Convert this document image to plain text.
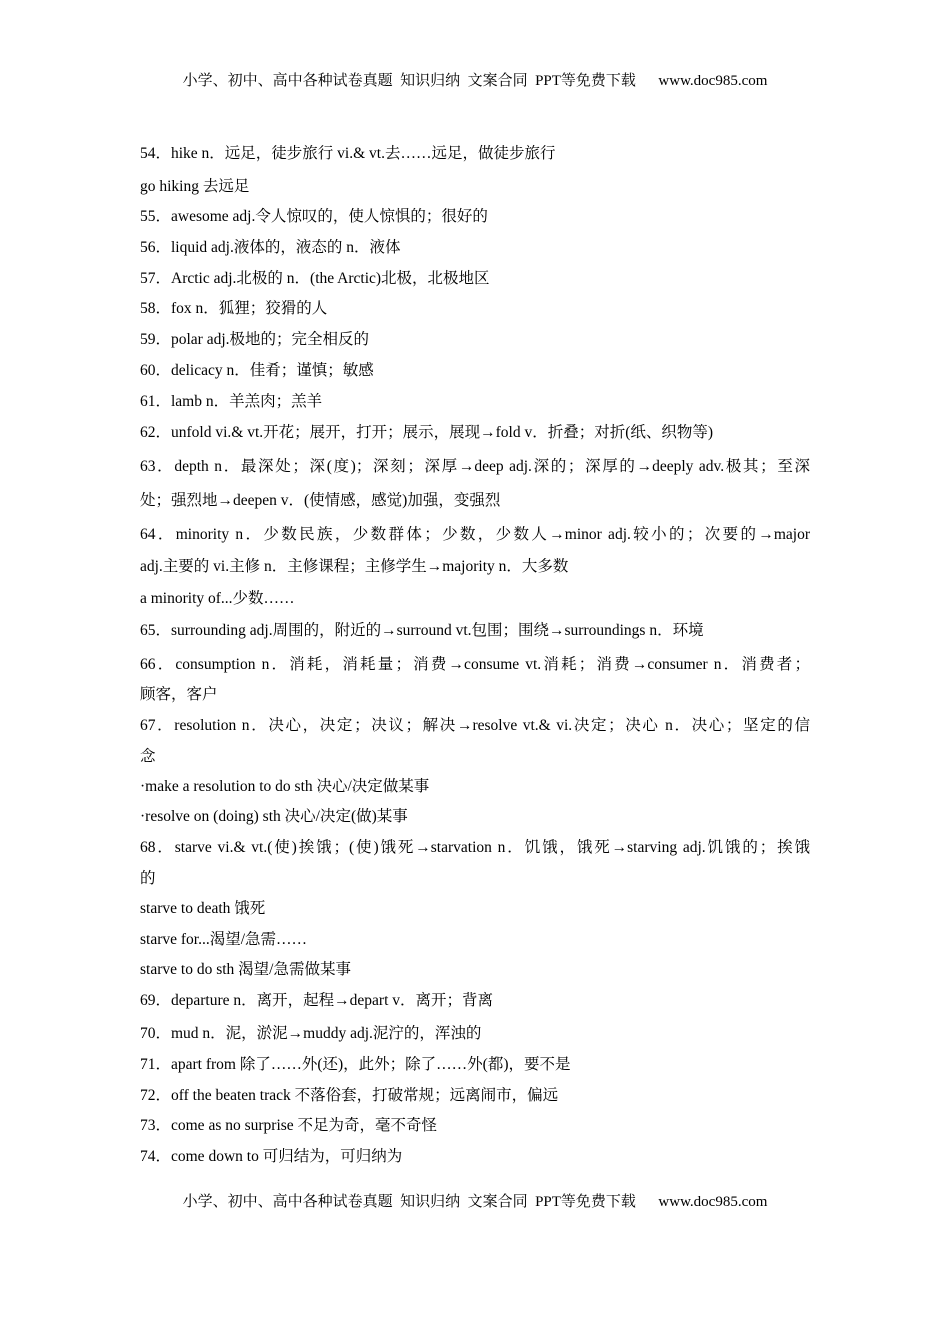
小学、初中、高中各种试卷真题  知识归纳  文案合同  PPT等免费下载      www.doc985.com
54．hike n．远足，徒步旅行 vi.& vt.去……远足，做徒步旅行
go hiking 去远足
55．awesome adj.令人惊叹的，使人惊惧的；很好的
56．liquid adj.液体的，液态的 n．液体
57．Arctic adj.北极的 n．(the Arctic)北极，北极地区
58．fox n．狐狸；狡猾的人
59．polar adj.极地的；完全相反的
60．delicacy n．佳肴；谨慎；敏感
61．lamb n．羊羔肉；羔羊
62．unfold vi.& vt.开花；展开，打开；展示，展现→fold v．折叠；对折(纸、织物等)
63．depth n．最深处；深(度)；深刻；深厚→deep adj.深的；深厚的→deeply adv.极其；至深
处；强烈地→deepen v．(使情感，感觉)加强，变强烈
64．minority n．少数民族，少数群体；少数，少数人→minor adj.较小的；次要的→major
adj.主要的 vi.主修 n．主修课程；主修学生→majority n．大多数
a minority of...少数……
65．surrounding adj.周围的，附近的→surround vt.包围；围绕→surroundings n．环境
66．consumption n．消耗，消耗量；消费→consume vt.消耗；消费→consumer n．消费者；
顾客，客户
67．resolution n．决心，决定；决议；解决→resolve vt.& vi.决定；决心 n．决心；坚定的信
念
·make a resolution to do sth 决心/决定做某事
·resolve on (doing) sth 决心/决定(做)某事
68．starve vi.& vt.(使)挨饿；(使)饿死→starvation n．饥饿，饿死→starving adj.饥饿的；挨饿
的
starve to death 饿死
starve for...渴望/急需……
starve to do sth 渴望/急需做某事
69．departure n．离开，起程→depart v．离开；背离
70．mud n．泥，淤泥→muddy adj.泥泞的，浑浊的
71．apart from 除了……外(还)，此外；除了……外(都)，要不是
72．off the beaten track 不落俗套，打破常规；远离闹市，偏远
73．come as no surprise 不足为奇，毫不奇怪
74．come down to 可归结为，可归纳为
小学、初中、高中各种试卷真题  知识归纳  文案合同  PPT等免费下载      www.doc985.com
